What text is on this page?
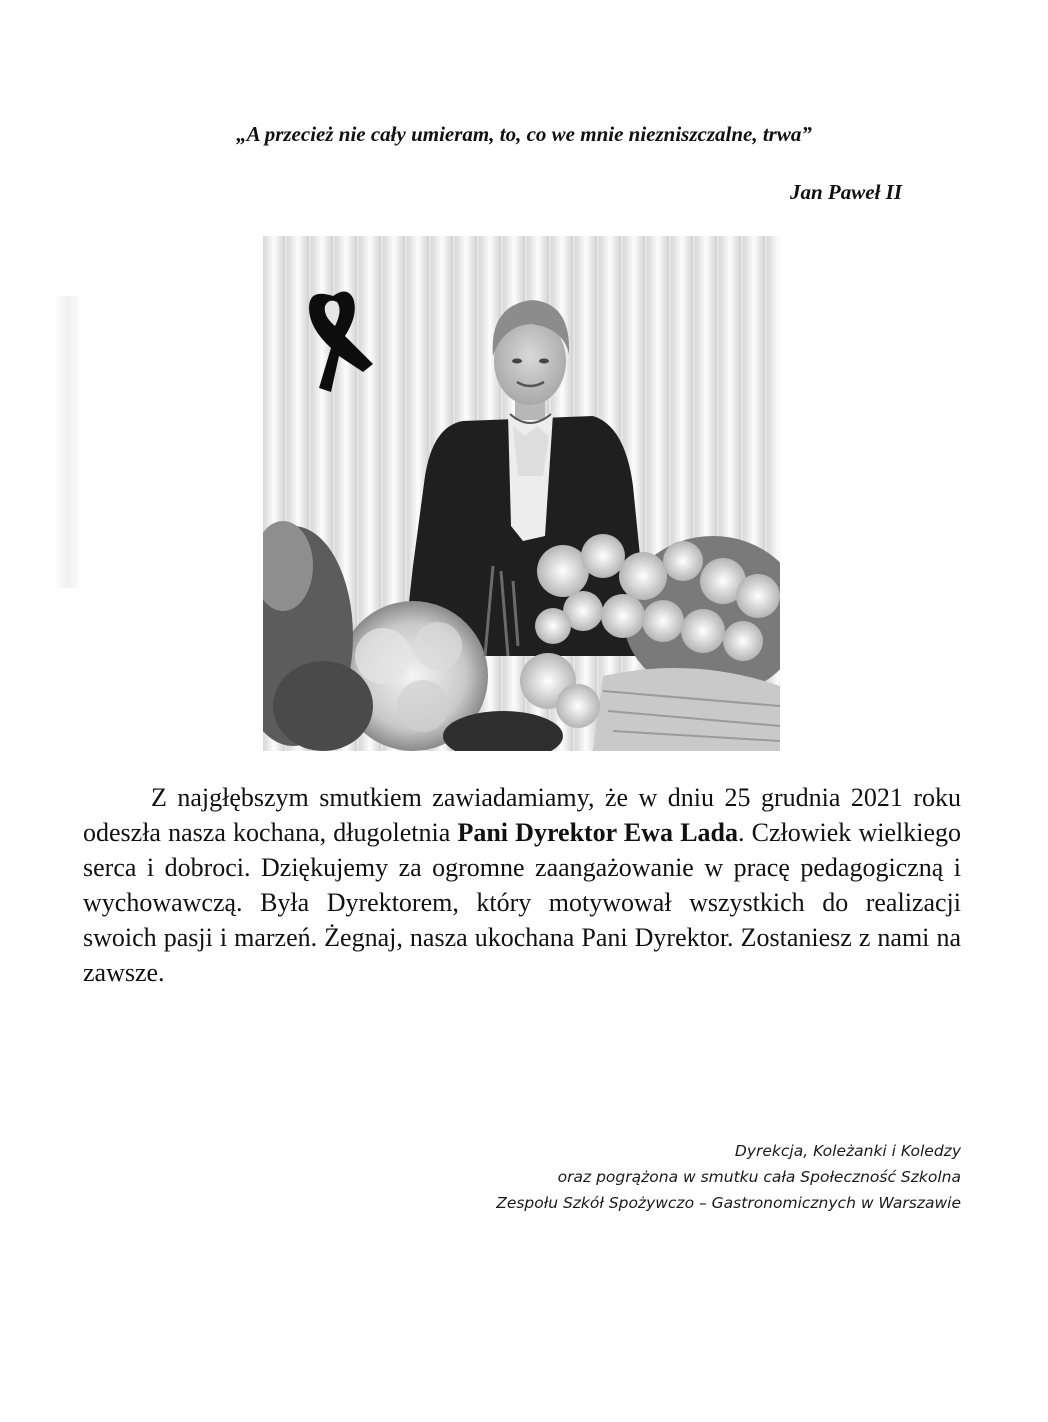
„A przecież nie cały umieram, to, co we mnie niezniszczalne, trwa”

Jan Paweł II

Z najgłębszym smutkiem zawiadamiamy, że w dniu 25 grudnia 2021 roku odeszła nasza kochana, długoletnia Pani Dyrektor Ewa Lada. Człowiek wielkiego serca i dobroci. Dziękujemy za ogromne zaangażowanie w pracę pedagogiczną i wychowawczą. Była Dyrektorem, który motywował wszystkich do realizacji swoich pasji i marzeń. Żegnaj, nasza ukochana Pani Dyrektor. Zostaniesz z nami na zawsze.

Dyrekcja, Koleżanki i Koledzy
oraz pogrążona w smutku cała Społeczność Szkolna
Zespołu Szkół Spożywczo – Gastronomicznych w Warszawie
